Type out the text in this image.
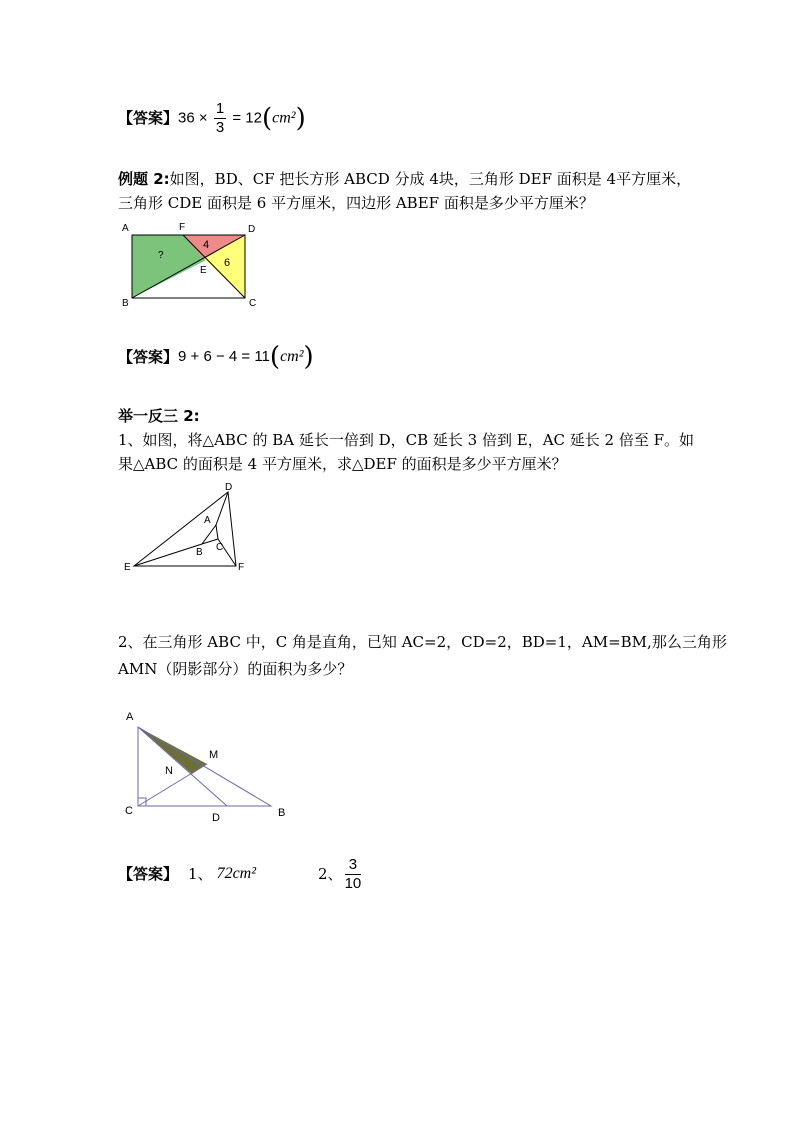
【答案】 $36 \times \frac{1}{3} = 12(cm^2)$
例题 2:如图，BD、CF 把长方形 ABCD 分成 4块，三角形 DEF 面积是 4平方厘米，
三角形 CDE 面积是 6 平方厘米，四边形 ABEF 面积是多少平方厘米？
A	F	D
B	C
E
?
4
6
【答案】 9 + 6 − 4 = 11 ( cm² )
举一反三 2:
1、如图，将△ABC 的 BA 延长一倍到 D，CB 延长 3 倍到 E，AC 延长 2 倍至 F。如
果△ABC 的面积是 4 平方厘米，求△DEF 的面积是多少平方厘米？
D
A
B C
E	F
2、在三角形 ABC 中，C 角是直角，已知 AC=2，CD=2，BD=1，AM=BM,那么三角形
AMN（阴影部分）的面积为多少？
A
M
N
C
D	B
【答案】 1、 72cm²	2、 $\frac{3}{10}$
